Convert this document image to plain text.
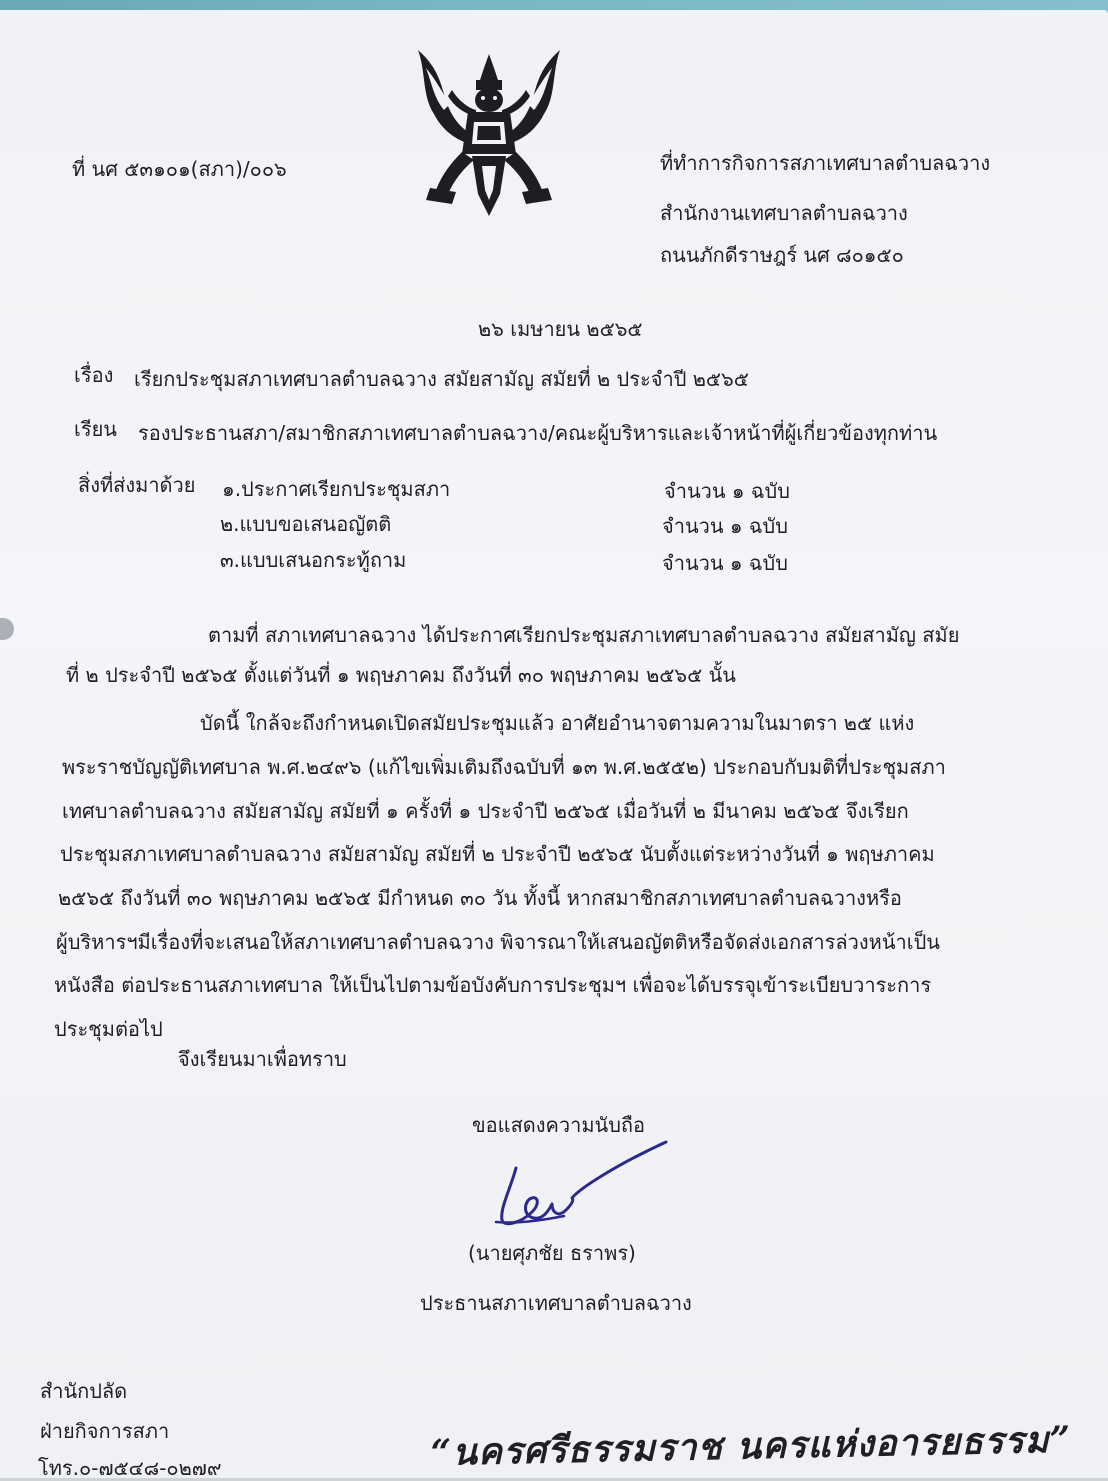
ที่ นศ ๕๓๑๐๑(สภา)/๐๐๖	ที่ทำการกิจการสภาเทศบาลตำบลฉวาง
สำนักงานเทศบาลตำบลฉวาง
ถนนภักดีราษฎร์ นศ ๘๐๑๕๐
๒๖ เมษายน ๒๕๖๕
เรื่อง เรียกประชุมสภาเทศบาลตำบลฉวาง สมัยสามัญ สมัยที่ ๒ ประจำปี ๒๕๖๕
เรียน รองประธานสภา/สมาชิกสภาเทศบาลตำบลฉวาง/คณะผู้บริหารและเจ้าหน้าที่ผู้เกี่ยวข้องทุกท่าน
สิ่งที่ส่งมาด้วย ๑.ประกาศเรียกประชุมสภา	จำนวน ๑ ฉบับ
๒.แบบขอเสนอญัตติ	จำนวน ๑ ฉบับ
๓.แบบเสนอกระทู้ถาม	จำนวน ๑ ฉบับ
ตามที่ สภาเทศบาลฉวาง ได้ประกาศเรียกประชุมสภาเทศบาลตำบลฉวาง สมัยสามัญ สมัย
ที่ ๒ ประจำปี ๒๕๖๕ ตั้งแต่วันที่ ๑ พฤษภาคม ถึงวันที่ ๓๐ พฤษภาคม ๒๕๖๕ นั้น
บัดนี้ ใกล้จะถึงกำหนดเปิดสมัยประชุมแล้ว อาศัยอำนาจตามความในมาตรา ๒๕ แห่ง
พระราชบัญญัติเทศบาล พ.ศ.๒๔๙๖ (แก้ไขเพิ่มเติมถึงฉบับที่ ๑๓ พ.ศ.๒๕๕๒) ประกอบกับมติที่ประชุมสภา
เทศบาลตำบลฉวาง สมัยสามัญ สมัยที่ ๑ ครั้งที่ ๑ ประจำปี ๒๕๖๕ เมื่อวันที่ ๒ มีนาคม ๒๕๖๕ จึงเรียก
ประชุมสภาเทศบาลตำบลฉวาง สมัยสามัญ สมัยที่ ๒ ประจำปี ๒๕๖๕ นับตั้งแต่ระหว่างวันที่ ๑ พฤษภาคม
๒๕๖๕ ถึงวันที่ ๓๐ พฤษภาคม ๒๕๖๕ มีกำหนด ๓๐ วัน ทั้งนี้ หากสมาชิกสภาเทศบาลตำบลฉวางหรือ
ผู้บริหารฯมีเรื่องที่จะเสนอให้สภาเทศบาลตำบลฉวาง พิจารณาให้เสนอญัตติหรือจัดส่งเอกสารล่วงหน้าเป็น
หนังสือ ต่อประธานสภาเทศบาล ให้เป็นไปตามข้อบังคับการประชุมฯ เพื่อจะได้บรรจุเข้าระเบียบวาระการ
ประชุมต่อไป
จึงเรียนมาเพื่อทราบ
ขอแสดงความนับถือ
(นายศุภชัย ธราพร)
ประธานสภาเทศบาลตำบลฉวาง
สำนักปลัด
ฝ่ายกิจการสภา
โทร.๐-๗๕๔๘-๐๒๗๙	“นครศรีธรรมราช นครแห่งอารยธรรม”
